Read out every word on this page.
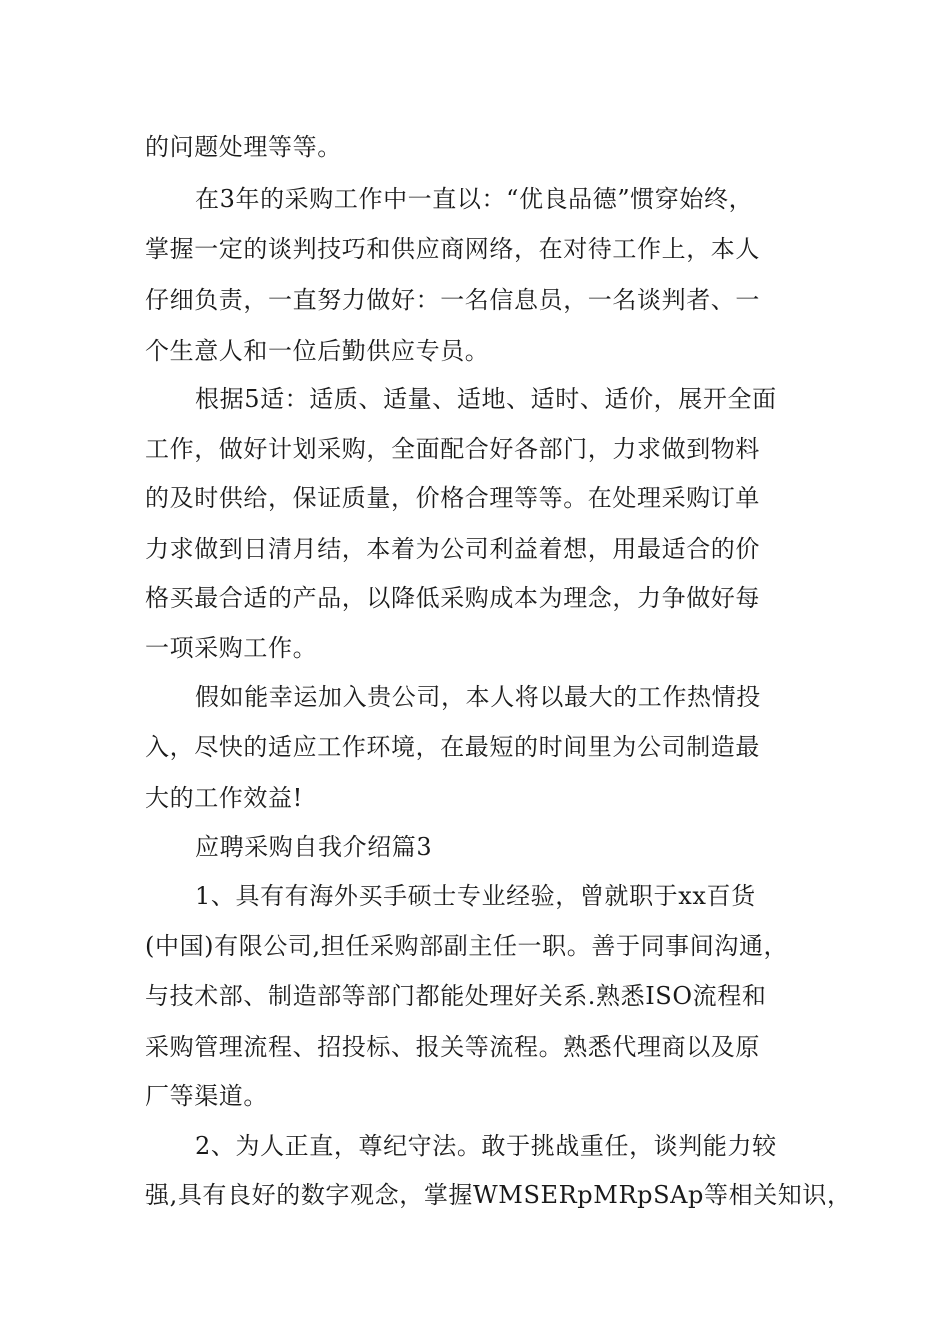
的问题处理等等。
在3年的采购工作中一直以：“优良品德”惯穿始终，
掌握一定的谈判技巧和供应商网络，在对待工作上，本人
仔细负责，一直努力做好：一名信息员，一名谈判者、一
个生意人和一位后勤供应专员。
根据5适：适质、适量、适地、适时、适价，展开全面
工作，做好计划采购，全面配合好各部门，力求做到物料
的及时供给，保证质量，价格合理等等。在处理采购订单
力求做到日清月结，本着为公司利益着想，用最适合的价
格买最合适的产品，以降低采购成本为理念，力争做好每
一项采购工作。
假如能幸运加入贵公司，本人将以最大的工作热情投
入，尽快的适应工作环境，在最短的时间里为公司制造最
大的工作效益!
应聘采购自我介绍篇3
1、具有有海外买手硕士专业经验，曾就职于xx百货
(中国)有限公司,担任采购部副主任一职。善于同事间沟通，
与技术部、制造部等部门都能处理好关系.熟悉ISO流程和
采购管理流程、招投标、报关等流程。熟悉代理商以及原
厂等渠道。
2、为人正直，尊纪守法。敢于挑战重任，谈判能力较
强,具有良好的数字观念，掌握WMSERpMRpSAp等相关知识，
